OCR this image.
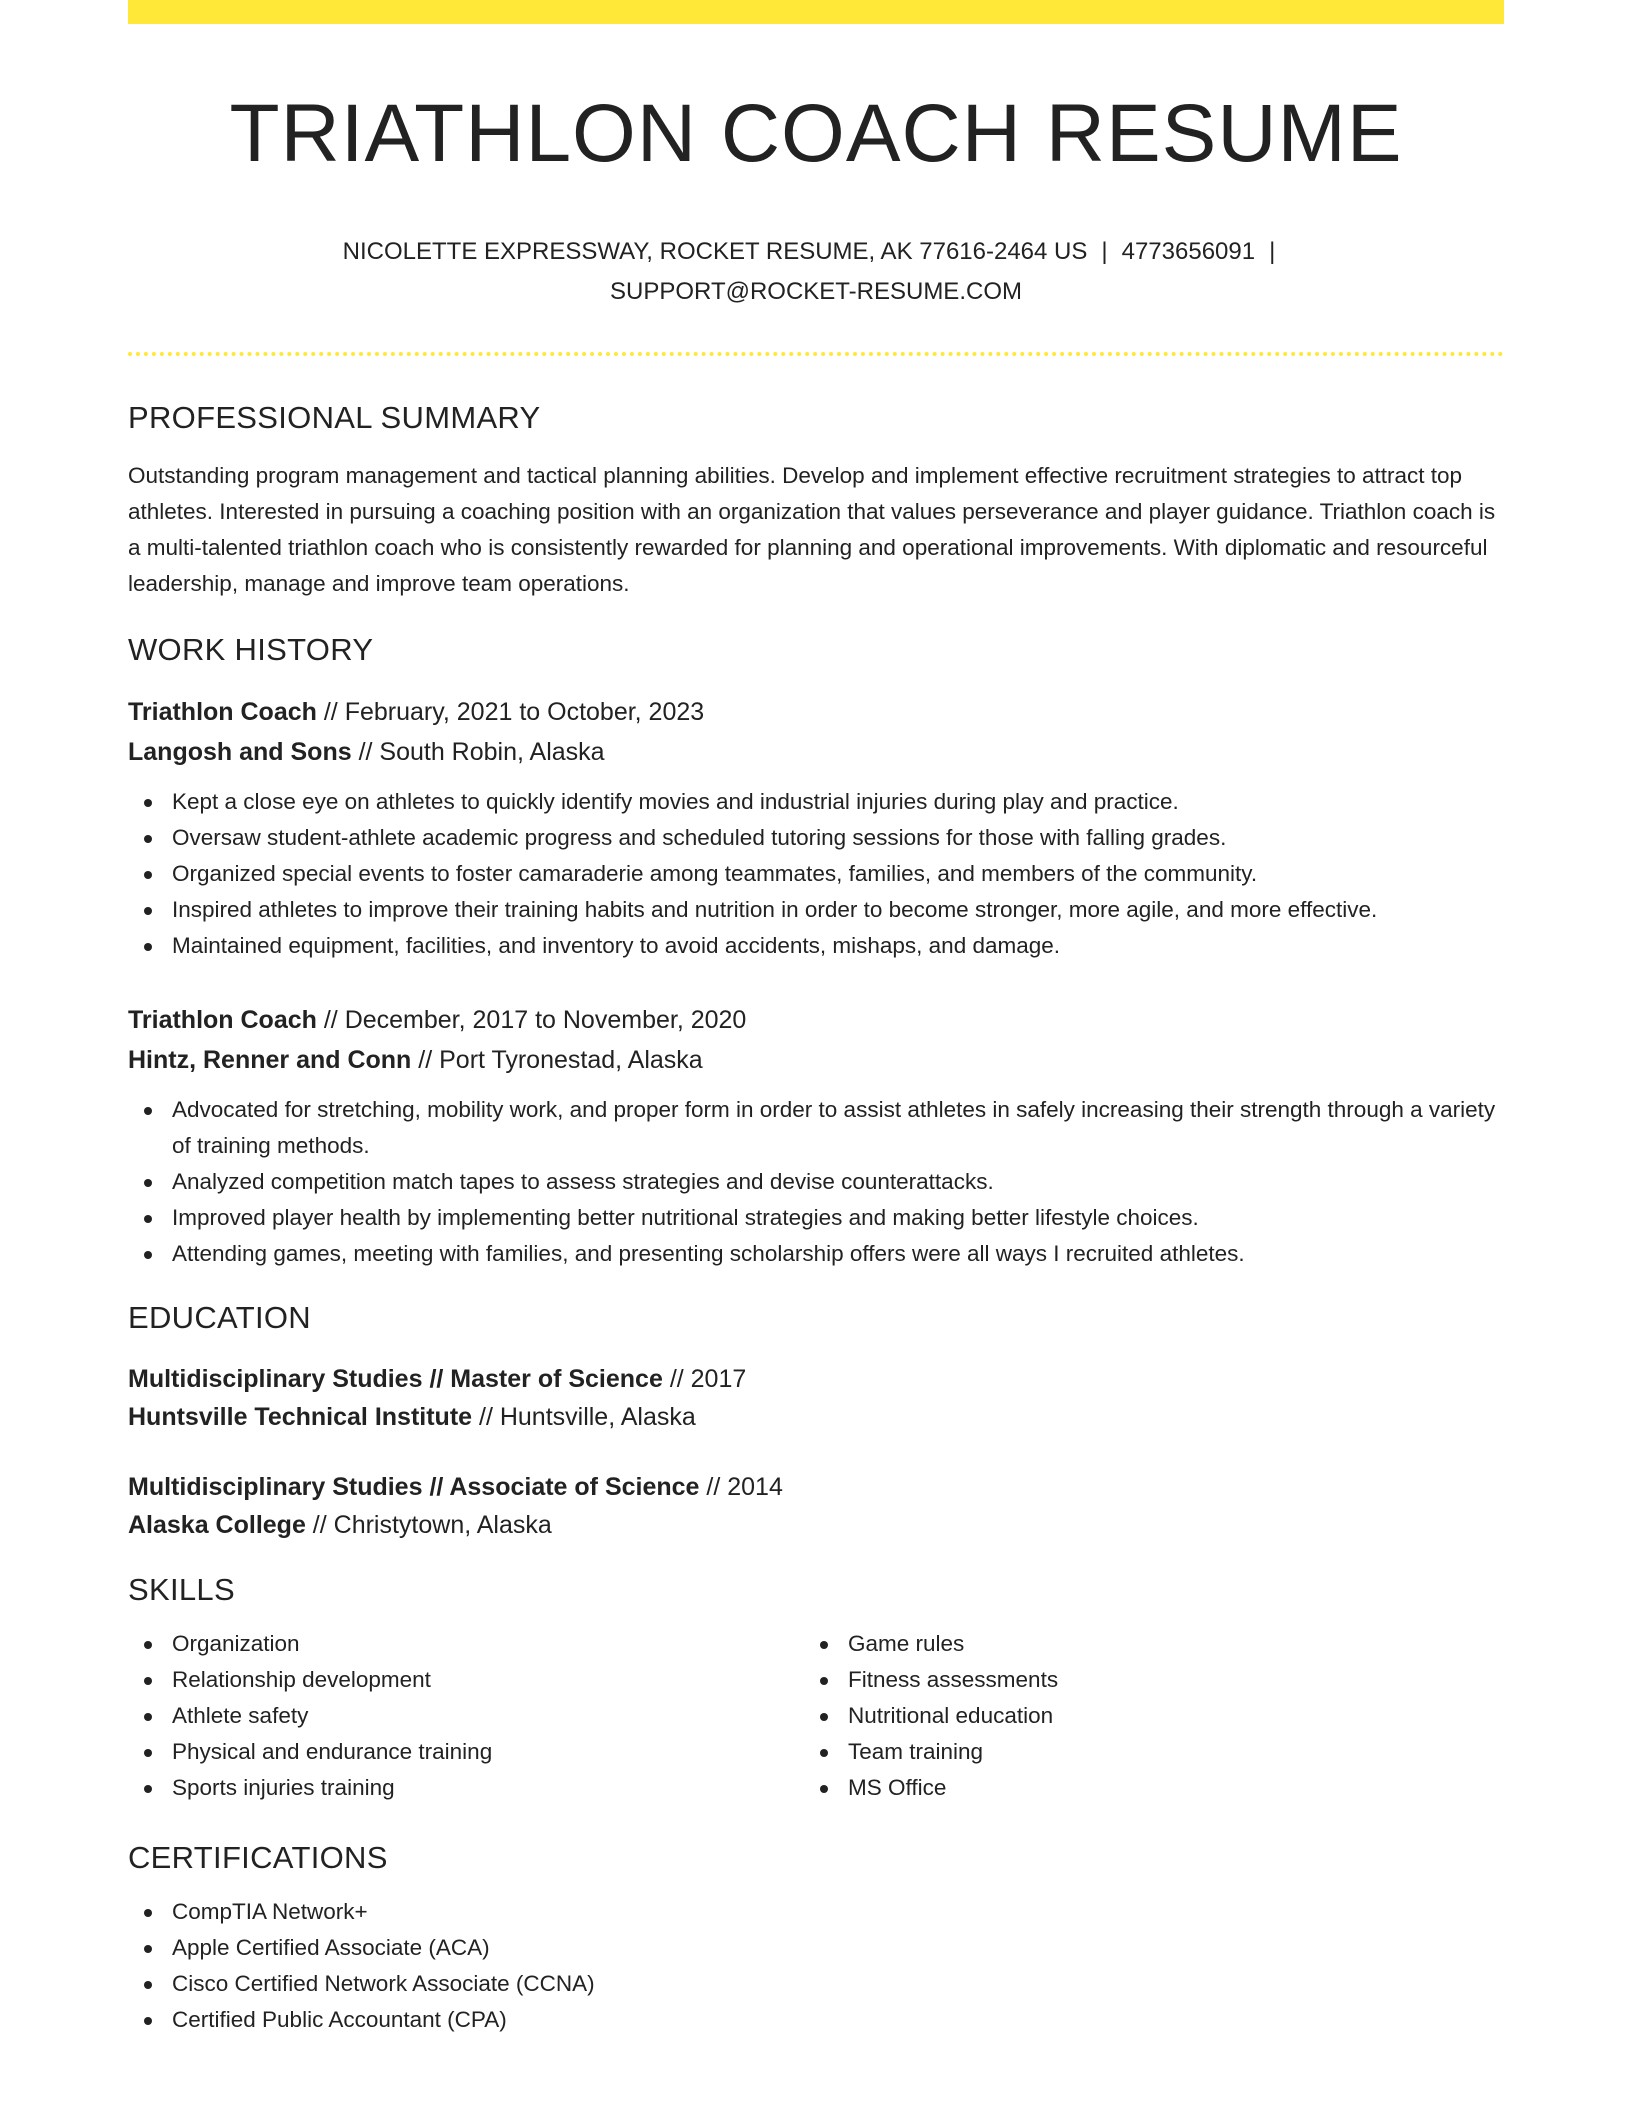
TRIATHLON COACH RESUME
NICOLETTE EXPRESSWAY, ROCKET RESUME, AK 77616-2464 US | 4773656091 |
SUPPORT@ROCKET-RESUME.COM
PROFESSIONAL SUMMARY

Outstanding program management and tactical planning abilities. Develop and implement effective recruitment strategies to attract top athletes. Interested in pursuing a coaching position with an organization that values perseverance and player guidance. Triathlon coach is a multi-talented triathlon coach who is consistently rewarded for planning and operational improvements. With diplomatic and resourceful leadership, manage and improve team operations.

WORK HISTORY
Triathlon Coach // February, 2021 to October, 2023
Langosh and Sons // South Robin, Alaska
Kept a close eye on athletes to quickly identify movies and industrial injuries during play and practice.
Oversaw student-athlete academic progress and scheduled tutoring sessions for those with falling grades.
Organized special events to foster camaraderie among teammates, families, and members of the community.
Inspired athletes to improve their training habits and nutrition in order to become stronger, more agile, and more effective.
Maintained equipment, facilities, and inventory to avoid accidents, mishaps, and damage.
Triathlon Coach // December, 2017 to November, 2020
Hintz, Renner and Conn // Port Tyronestad, Alaska
Advocated for stretching, mobility work, and proper form in order to assist athletes in safely increasing their strength through a variety of training methods.
Analyzed competition match tapes to assess strategies and devise counterattacks.
Improved player health by implementing better nutritional strategies and making better lifestyle choices.
Attending games, meeting with families, and presenting scholarship offers were all ways I recruited athletes.
EDUCATION
Multidisciplinary Studies // Master of Science // 2017
Huntsville Technical Institute // Huntsville, Alaska
Multidisciplinary Studies // Associate of Science // 2014
Alaska College // Christytown, Alaska
SKILLS
Organization
Relationship development
Athlete safety
Physical and endurance training
Sports injuries training
Game rules
Fitness assessments
Nutritional education
Team training
MS Office
CERTIFICATIONS
CompTIA Network+
Apple Certified Associate (ACA)
Cisco Certified Network Associate (CCNA)
Certified Public Accountant (CPA)
